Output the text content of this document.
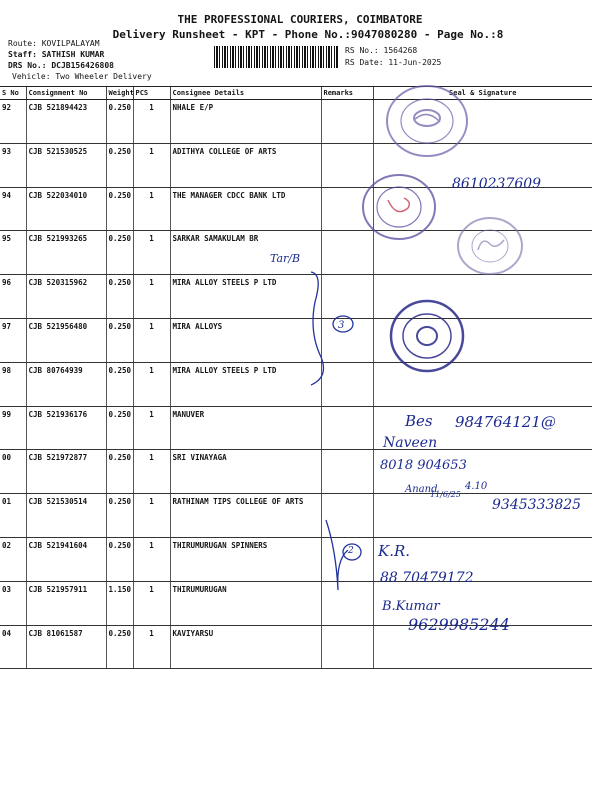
THE PROFESSIONAL COURIERS, COIMBATORE
Delivery Runsheet - KPT - Phone No.:9047080280 - Page No.:8
Route: KOVILPALAYAM
Staff: SATHISH KUMAR
DRS No.: DCJB156426808
Vehicle: Two Wheeler Delivery
RS No.: 1564268
RS Date: 11-Jun-2025
S No	Consignment No	Weight	PCS	Consignee Details	Remarks	Seal & Signature
92	CJB 521894423	0.250	1	NHALE E/P		
93	CJB 521530525	0.250	1	ADITHYA COLLEGE OF ARTS		
94	CJB 522034010	0.250	1	THE MANAGER CDCC BANK LTD		
95	CJB 521993265	0.250	1	SARKAR SAMAKULAM BR		
96	CJB 520315962	0.250	1	MIRA ALLOY STEELS P LTD		
97	CJB 521956480	0.250	1	MIRA ALLOYS		
98	CJB 80764939	0.250	1	MIRA ALLOY STEELS P LTD		
99	CJB 521936176	0.250	1	MANUVER		
00	CJB 521972877	0.250	1	SRI VINAYAGA		
01	CJB 521530514	0.250	1	RATHINAM TIPS COLLEGE OF ARTS		
02	CJB 521941604	0.250	1	THIRUMURUGAN SPINNERS		
03	CJB 521957911	1.150	1	THIRUMURUGAN		
04	CJB 81061587	0.250	1	KAVIYARSU		
8610237609
Tar/B
3
Bes 984764121@
Naveen
8018 904653
Anand
11/6/25
4.10
9345333825
2 K.R.
88 70479172
B.Kumar
9629985244
